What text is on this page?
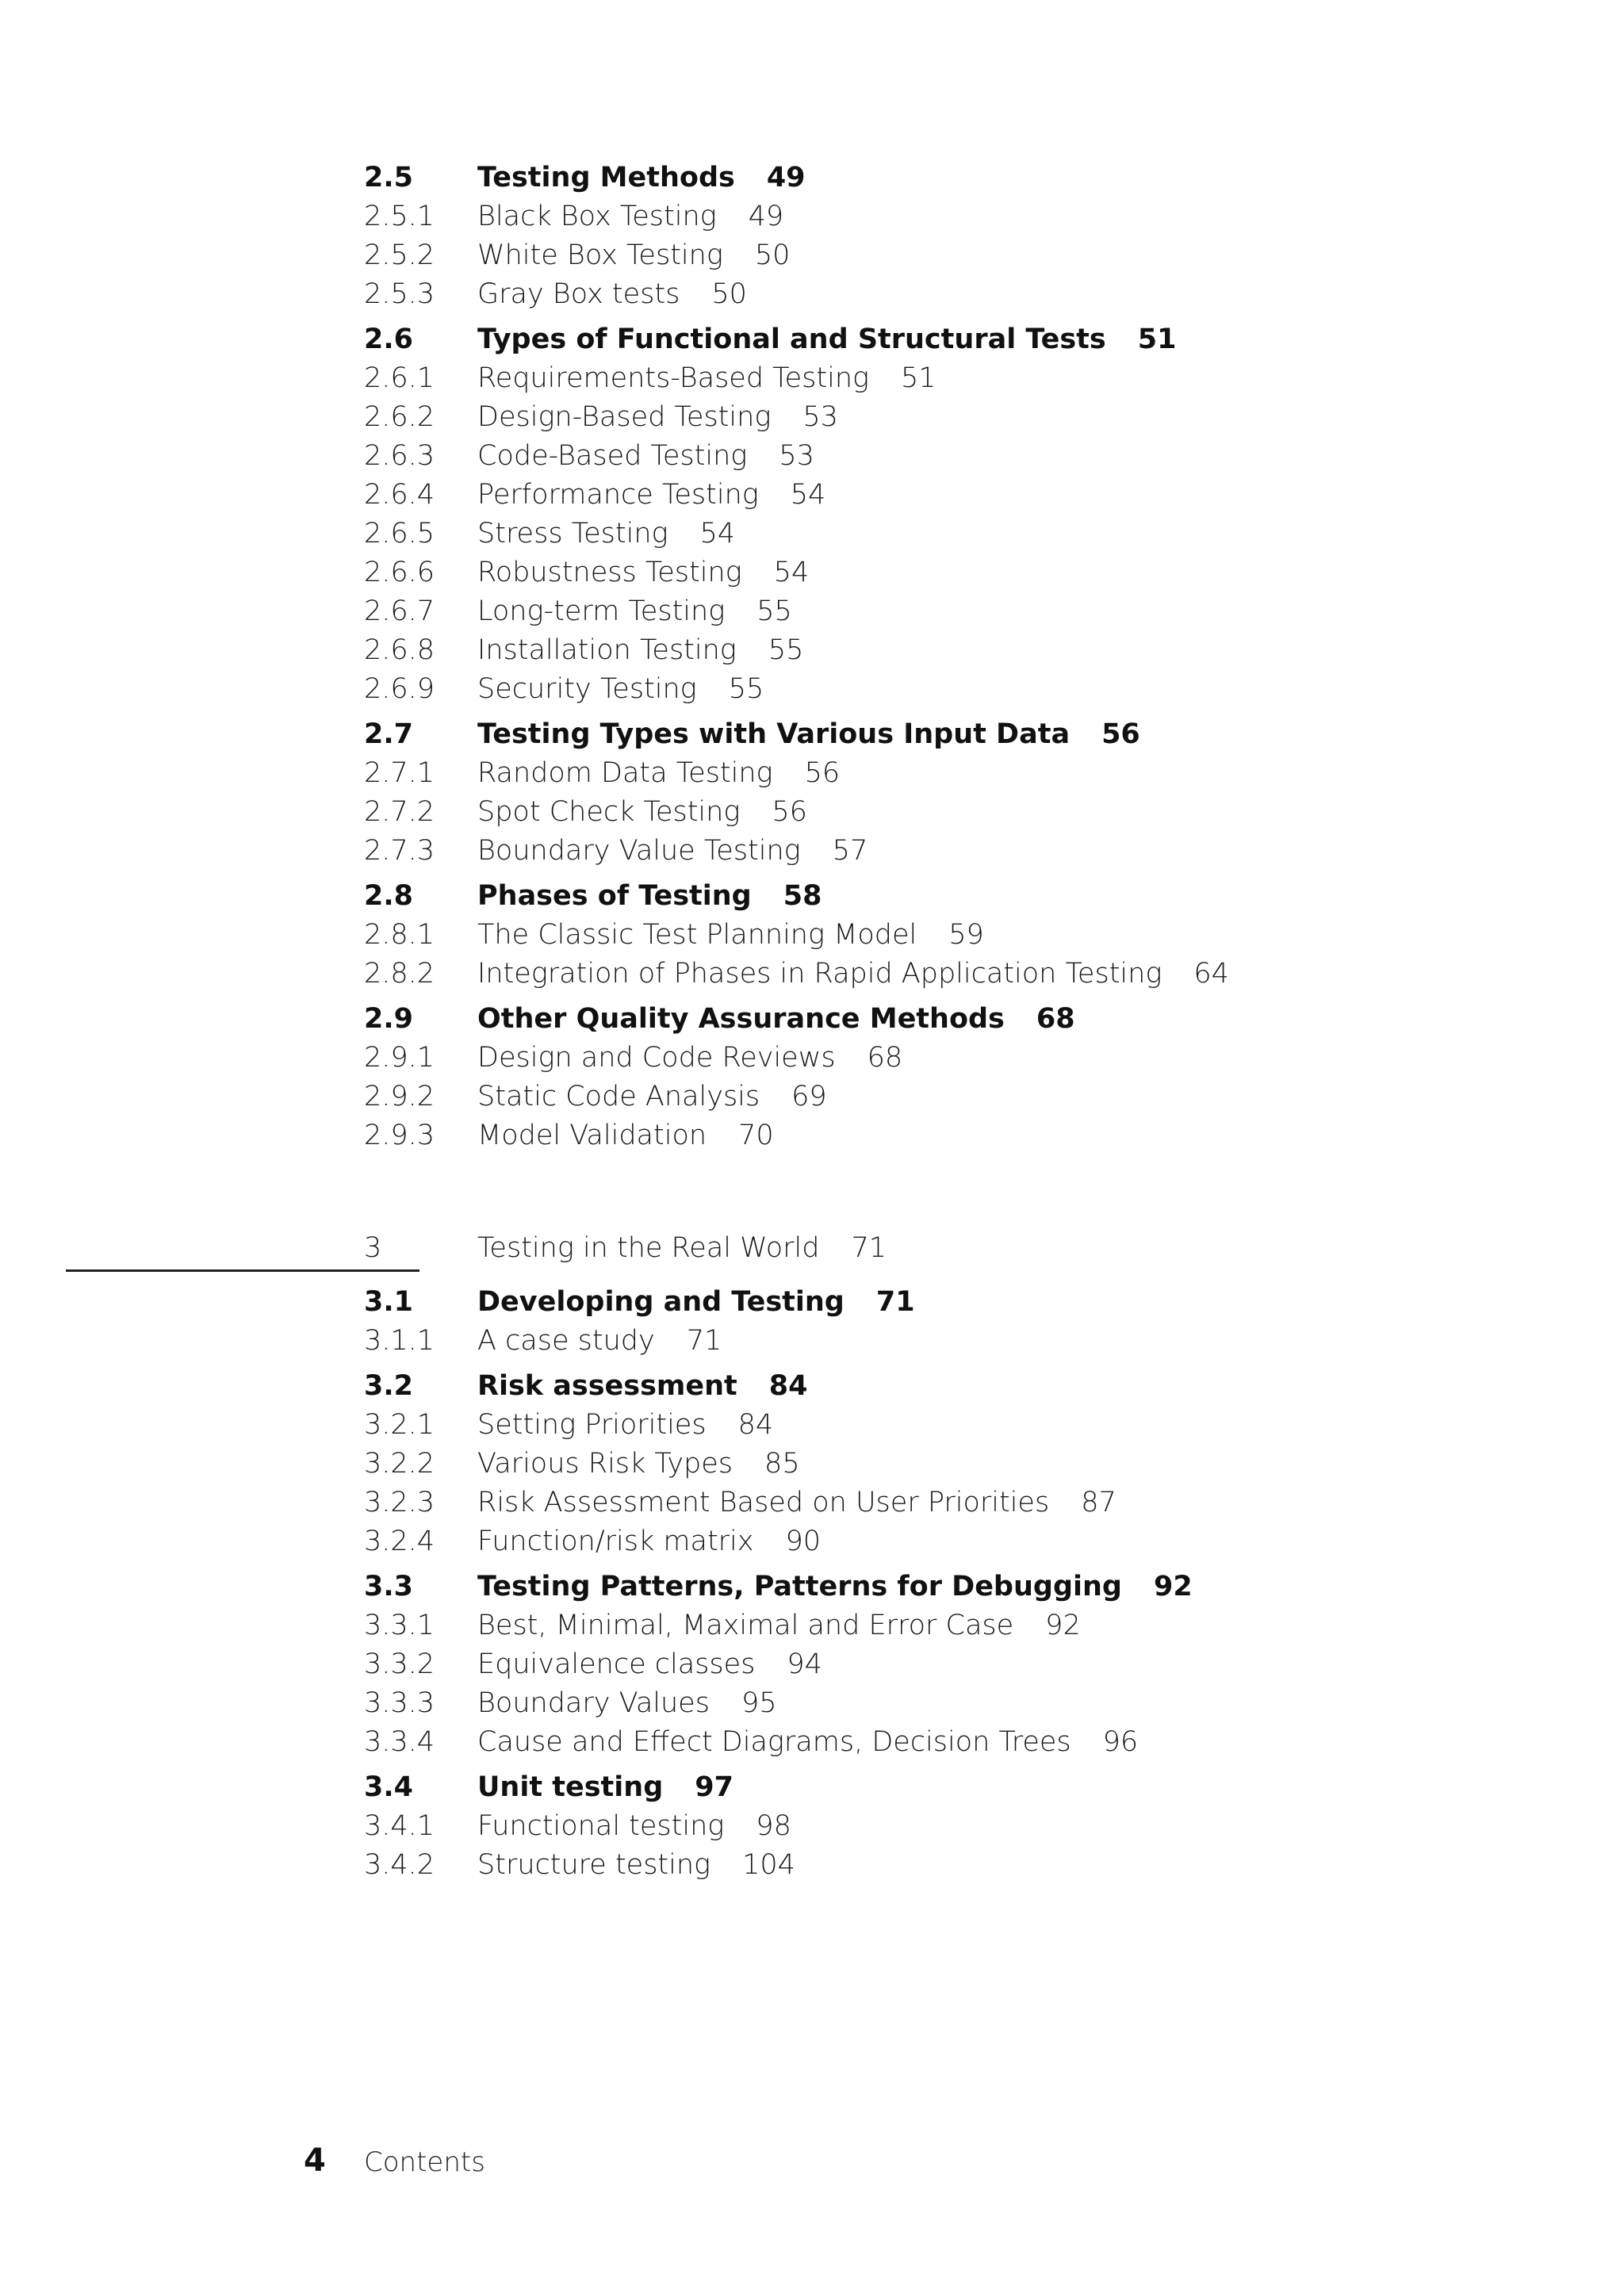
2.5 Testing Methods 49
2.5.1 Black Box Testing 49
2.5.2 White Box Testing 50
2.5.3 Gray Box tests 50
2.6 Types of Functional and Structural Tests 51
2.6.1 Requirements-Based Testing 51
2.6.2 Design-Based Testing 53
2.6.3 Code-Based Testing 53
2.6.4 Performance Testing 54
2.6.5 Stress Testing 54
2.6.6 Robustness Testing 54
2.6.7 Long-term Testing 55
2.6.8 Installation Testing 55
2.6.9 Security Testing 55
2.7 Testing Types with Various Input Data 56
2.7.1 Random Data Testing 56
2.7.2 Spot Check Testing 56
2.7.3 Boundary Value Testing 57
2.8 Phases of Testing 58
2.8.1 The Classic Test Planning Model 59
2.8.2 Integration of Phases in Rapid Application Testing 64
2.9 Other Quality Assurance Methods 68
2.9.1 Design and Code Reviews 68
2.9.2 Static Code Analysis 69
2.9.3 Model Validation 70
3	Testing in the Real World 71
3.1 Developing and Testing 71
3.1.1 A case study 71
3.2 Risk assessment 84
3.2.1 Setting Priorities 84
3.2.2 Various Risk Types 85
3.2.3 Risk Assessment Based on User Priorities 87
3.2.4 Function/risk matrix 90
3.3 Testing Patterns, Patterns for Debugging 92
3.3.1 Best, Minimal, Maximal and Error Case 92
3.3.2 Equivalence classes 94
3.3.3 Boundary Values 95
3.3.4 Cause and Effect Diagrams, Decision Trees 96
3.4 Unit testing 97
3.4.1 Functional testing 98
3.4.2 Structure testing 104
4 Contents
